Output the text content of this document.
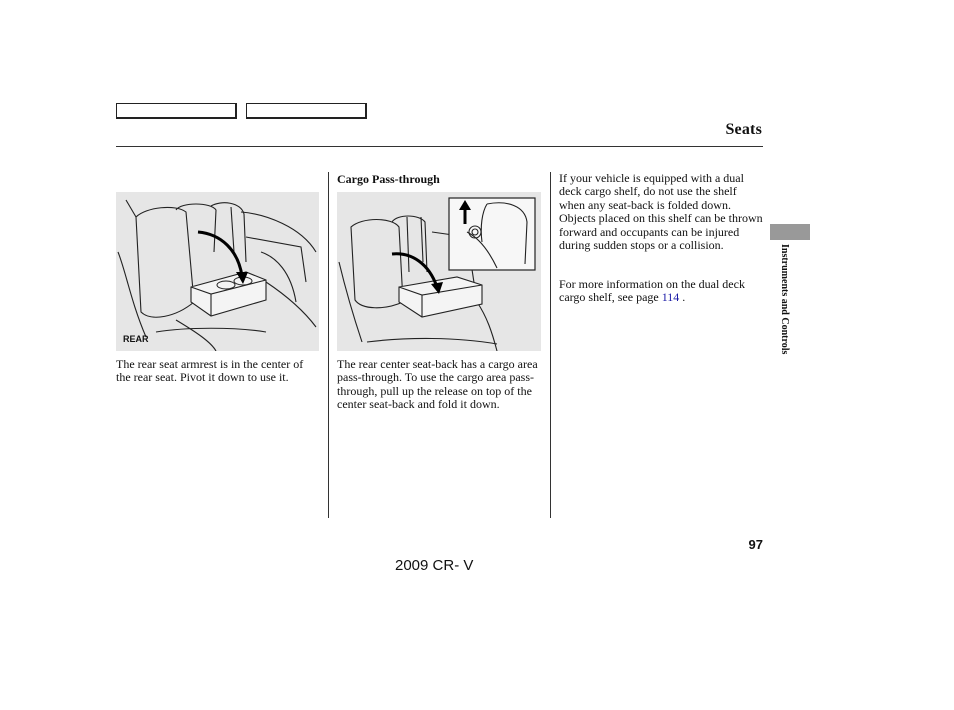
Seats
REAR
The rear seat armrest is in the center of the rear seat. Pivot it down to use it.
Cargo Pass-through
The rear center seat-back has a cargo area pass-through. To use the cargo area pass-through, pull up the release on top of the center seat-back and fold it down.
If your vehicle is equipped with a dual deck cargo shelf, do not use the shelf when any seat-back is folded down. Objects placed on this shelf can be thrown forward and occupants can be injured during sudden stops or a collision.
For more information on the dual deck cargo shelf, see page 114 .	Instruments and Controls
97
2009 CR- V
